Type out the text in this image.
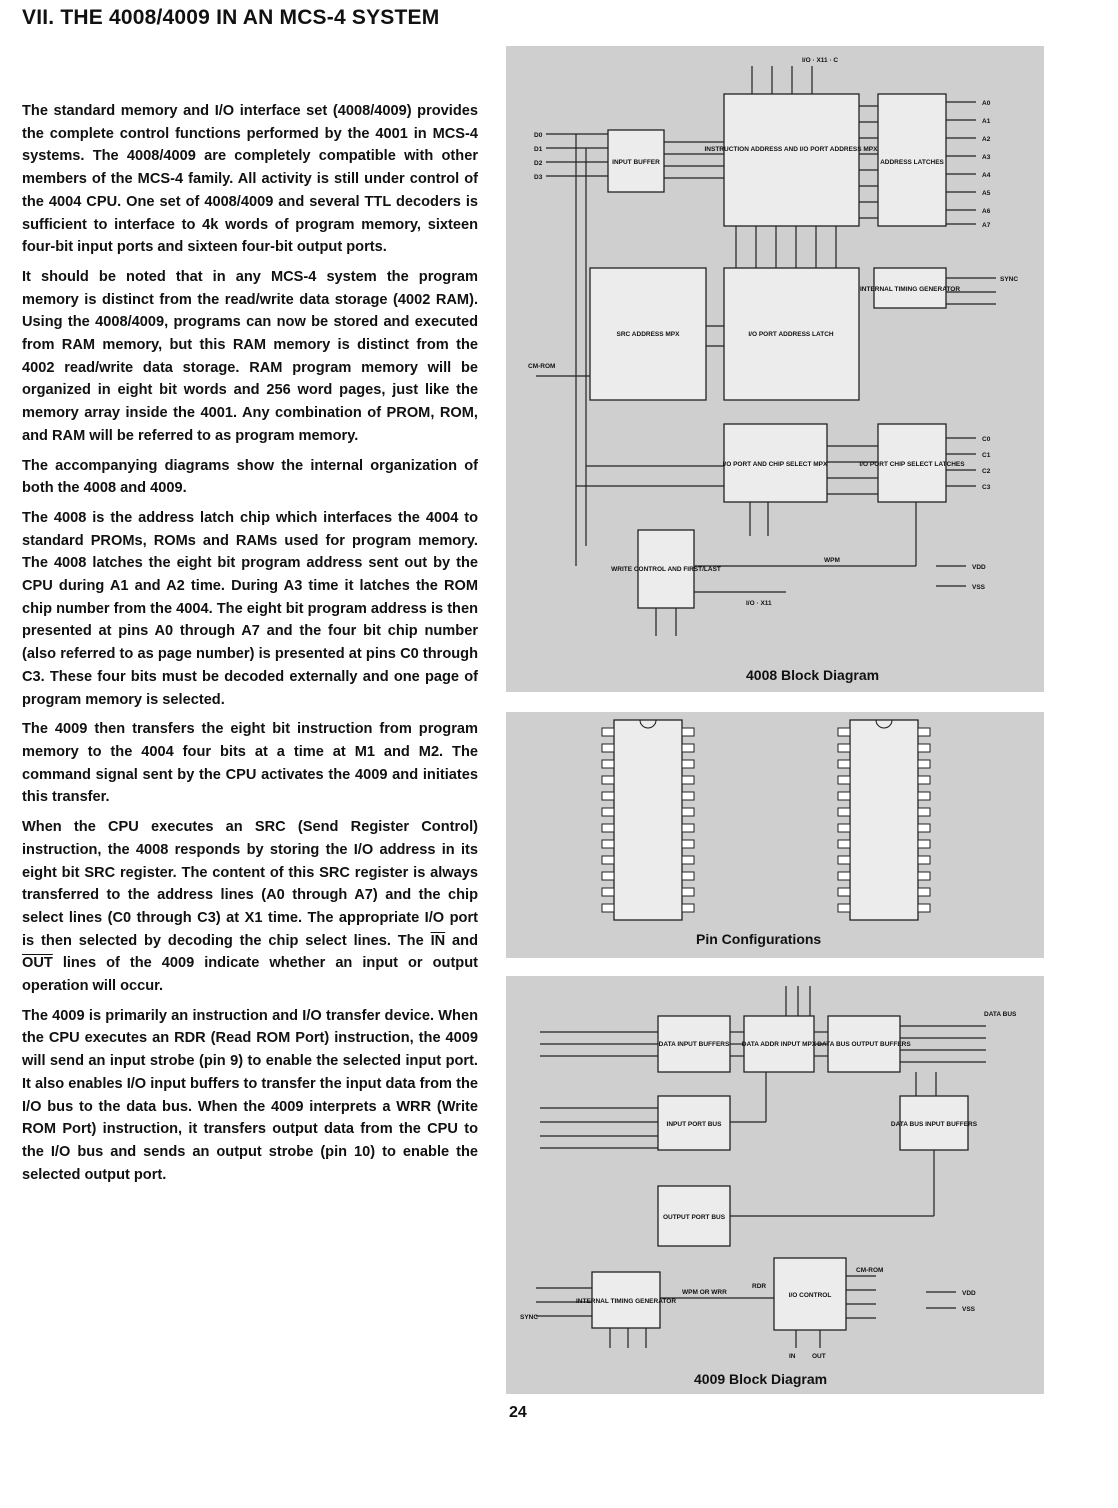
VII. THE 4008/4009 IN AN MCS-4 SYSTEM

The standard memory and I/O interface set (4008/4009) provides the complete control functions performed by the 4001 in MCS-4 systems. The 4008/4009 are completely compatible with other members of the MCS-4 family. All activity is still under control of the 4004 CPU. One set of 4008/4009 and several TTL decoders is sufficient to interface to 4k words of program memory, sixteen four-bit input ports and sixteen four-bit output ports.

It should be noted that in any MCS-4 system the program memory is distinct from the read/write data storage (4002 RAM). Using the 4008/4009, programs can now be stored and executed from RAM memory, but this RAM memory is distinct from the 4002 read/write data storage. RAM program memory will be organized in eight bit words and 256 word pages, just like the memory array inside the 4001. Any combination of PROM, ROM, and RAM will be referred to as program memory.

The accompanying diagrams show the internal organization of both the 4008 and 4009.

The 4008 is the address latch chip which interfaces the 4004 to standard PROMs, ROMs and RAMs used for program memory. The 4008 latches the eight bit program address sent out by the CPU during A1 and A2 time. During A3 time it latches the ROM chip number from the 4004. The eight bit program address is then presented at pins A0 through A7 and the four bit chip number (also referred to as page number) is presented at pins C0 through C3. These four bits must be decoded externally and one page of program memory is selected.

The 4009 then transfers the eight bit instruction from program memory to the 4004 four bits at a time at M1 and M2. The command signal sent by the CPU activates the 4009 and initiates this transfer.

When the CPU executes an SRC (Send Register Control) instruction, the 4008 responds by storing the I/O address in its eight bit SRC register. The content of this SRC register is always transferred to the address lines (A0 through A7) and the chip select lines (C0 through C3) at X1 time. The appropriate I/O port is then selected by decoding the chip select lines. The $\overline{IN}$ and $\overline{OUT}$ lines of the 4009 indicate whether an input or output operation will occur.

The 4009 is primarily an instruction and I/O transfer device. When the CPU executes an RDR (Read ROM Port) instruction, the 4009 will send an input strobe (pin 9) to enable the selected input port. It also enables I/O input buffers to transfer the input data from the I/O bus to the data bus. When the 4009 interprets a WRR (Write ROM Port) instruction, it transfers output data from the CPU to the I/O bus and sends an output strobe (pin 10) to enable the selected output port.

INSTRUCTION ADDRESS AND I/O PORT ADDRESS MPX
INPUT BUFFER	ADDRESS LATCHES
INTERNAL TIMING GENERATOR
SRC ADDRESS MPX	I/O PORT ADDRESS LATCH
I/O PORT AND CHIP SELECT MPX	I/O PORT CHIP SELECT LATCHES
WRITE CONTROL AND FIRST/LAST
D0
D1
D2
D3
A0
A1
A2
A3
A4
A5
A6
A7
C0
C1
C2
C3
SYNC
CM-ROM
WPM
VDD
VSS
I/O · X11
I/O · X11 · C
4008 Block Diagram
Pin Configurations
DATA INPUT BUFFERS DATA ADDR INPUT MPX DATA BUS OUTPUT BUFFERS
INPUT PORT BUS	DATA BUS INPUT BUFFERS
OUTPUT PORT BUS
INTERNAL TIMING GENERATOR
I/O CONTROL
DATA BUS
RDR
WPM OR WRR
CM-ROM
SYNC
IN	OUT
VDD
VSS
4009 Block Diagram
24
